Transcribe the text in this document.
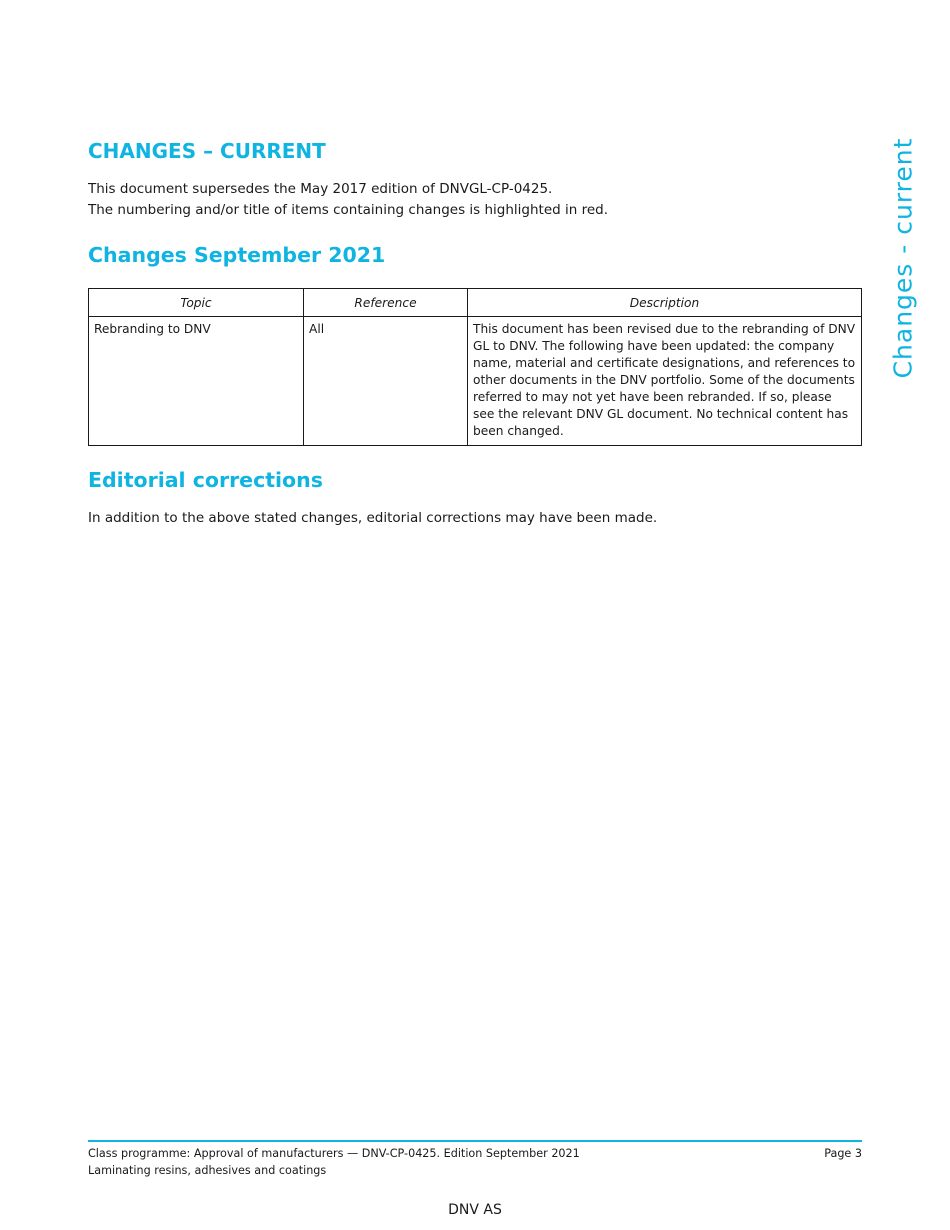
CHANGES – CURRENT
This document supersedes the May 2017 edition of DNVGL-CP-0425.
The numbering and/or title of items containing changes is highlighted in red.
Changes September 2021
Topic	Reference	Description
Rebranding to DNV	All	This document has been revised due to the rebranding of DNV GL to DNV. The following have been updated: the company name, material and certificate designations, and references to other documents in the DNV portfolio. Some of the documents referred to may not yet have been rebranded. If so, please see the relevant DNV GL document. No technical content has been changed.
Editorial corrections
In addition to the above stated changes, editorial corrections may have been made.
Changes - current
Class programme: Approval of manufacturers — DNV-CP-0425. Edition September 2021
Laminating resins, adhesives and coatings
Page 3
DNV AS
